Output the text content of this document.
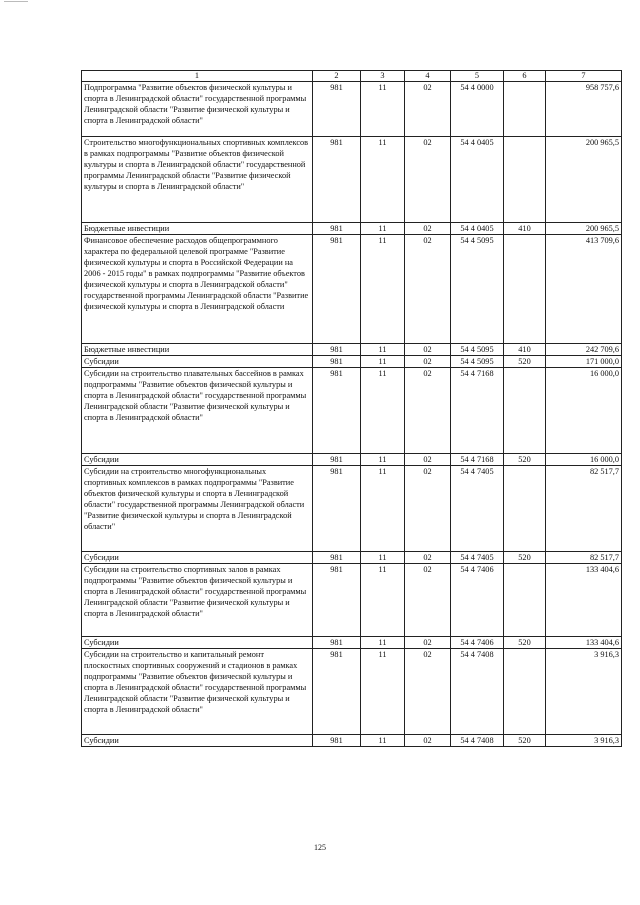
1	2	3	4	5	6	7
Подпрограмма "Развитие объектов физической культуры и спорта в Ленинградской области" государственной программы Ленинградской области "Развитие физической культуры и спорта в Ленинградской области"	981	11	02	54 4 0000		958 757,6
Строительство многофункциональных спортивных комплексов в рамках подпрограммы "Развитие объектов физической культуры и спорта в Ленинградской области" государственной программы Ленинградской области "Развитие физической культуры и спорта в Ленинградской области"	981	11	02	54 4 0405		200 965,5
Бюджетные инвестиции	981	11	02	54 4 0405	410	200 965,5
Финансовое обеспечение расходов общепрограммного характера по федеральной целевой программе "Развитие физической культуры и спорта в Российской Федерации на 2006 - 2015 годы" в рамках подпрограммы "Развитие объектов физической культуры и спорта в Ленинградской области" государственной программы Ленинградской области "Развитие физической культуры и спорта в Ленинградской области	981	11	02	54 4 5095		413 709,6
Бюджетные инвестиции	981	11	02	54 4 5095	410	242 709,6
Субсидии	981	11	02	54 4 5095	520	171 000,0
Субсидии на строительство плавательных бассейнов в рамках подпрограммы "Развитие объектов физической культуры и спорта в Ленинградской области" государственной программы Ленинградской области "Развитие физической культуры и спорта в Ленинградской области"	981	11	02	54 4 7168		16 000,0
Субсидии	981	11	02	54 4 7168	520	16 000,0
Субсидии на строительство многофункциональных спортивных комплексов в рамках подпрограммы "Развитие объектов физической культуры и спорта в Ленинградской области" государственной программы Ленинградской области "Развитие физической культуры и спорта в Ленинградской области"	981	11	02	54 4 7405		82 517,7
Субсидии	981	11	02	54 4 7405	520	82 517,7
Субсидии на строительство спортивных залов в рамках подпрограммы "Развитие объектов физической культуры и спорта в Ленинградской области" государственной программы Ленинградской области "Развитие физической культуры и спорта в Ленинградской области"	981	11	02	54 4 7406		133 404,6
Субсидии	981	11	02	54 4 7406	520	133 404,6
Субсидии на строительство и капитальный ремонт плоскостных спортивных сооружений и стадионов в рамках подпрограммы "Развитие объектов физической культуры и спорта в Ленинградской области" государственной программы Ленинградской области "Развитие физической культуры и спорта в Ленинградской области"	981	11	02	54 4 7408		3 916,3
Субсидии	981	11	02	54 4 7408	520	3 916,3
125
